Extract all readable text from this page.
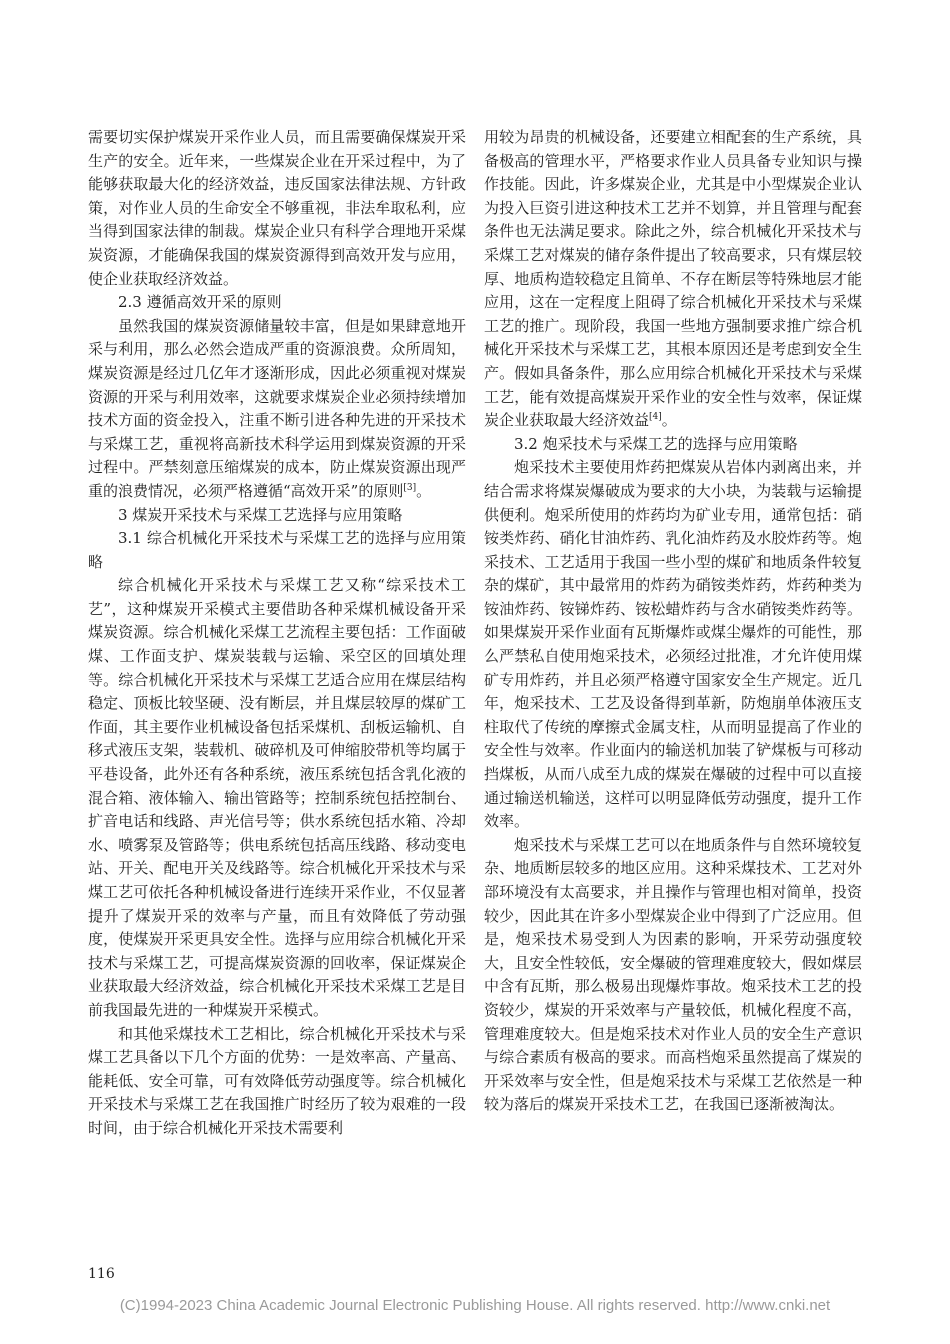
需要切实保护煤炭开采作业人员，而且需要确保煤炭开采生产的安全。近年来，一些煤炭企业在开采过程中，为了能够获取最大化的经济效益，违反国家法律法规、方针政策，对作业人员的生命安全不够重视，非法牟取私利，应当得到国家法律的制裁。煤炭企业只有科学合理地开采煤炭资源，才能确保我国的煤炭资源得到高效开发与应用，使企业获取经济效益。

2.3 遵循高效开采的原则

虽然我国的煤炭资源储量较丰富，但是如果肆意地开采与利用，那么必然会造成严重的资源浪费。众所周知，煤炭资源是经过几亿年才逐渐形成，因此必须重视对煤炭资源的开采与利用效率，这就要求煤炭企业必须持续增加技术方面的资金投入，注重不断引进各种先进的开采技术与采煤工艺，重视将高新技术科学运用到煤炭资源的开采过程中。严禁刻意压缩煤炭的成本，防止煤炭资源出现严重的浪费情况，必须严格遵循“高效开采”的原则[3]。

3 煤炭开采技术与采煤工艺选择与应用策略

3.1 综合机械化开采技术与采煤工艺的选择与应用策略

综合机械化开采技术与采煤工艺又称“综采技术工艺”，这种煤炭开采模式主要借助各种采煤机械设备开采煤炭资源。综合机械化采煤工艺流程主要包括：工作面破煤、工作面支护、煤炭装载与运输、采空区的回填处理等。综合机械化开采技术与采煤工艺适合应用在煤层结构稳定、顶板比较坚硬、没有断层，并且煤层较厚的煤矿工作面，其主要作业机械设备包括采煤机、刮板运输机、自移式液压支架，装载机、破碎机及可伸缩胶带机等均属于平巷设备，此外还有各种系统，液压系统包括含乳化液的混合箱、液体输入、输出管路等；控制系统包括控制台、扩音电话和线路、声光信号等；供水系统包括水箱、冷却水、喷雾泵及管路等；供电系统包括高压线路、移动变电站、开关、配电开关及线路等。综合机械化开采技术与采煤工艺可依托各种机械设备进行连续开采作业，不仅显著提升了煤炭开采的效率与产量，而且有效降低了劳动强度，使煤炭开采更具安全性。选择与应用综合机械化开采技术与采煤工艺，可提高煤炭资源的回收率，保证煤炭企业获取最大经济效益，综合机械化开采技术采煤工艺是目前我国最先进的一种煤炭开采模式。

和其他采煤技术工艺相比，综合机械化开采技术与采煤工艺具备以下几个方面的优势：一是效率高、产量高、能耗低、安全可靠，可有效降低劳动强度等。综合机械化开采技术与采煤工艺在我国推广时经历了较为艰难的一段时间，由于综合机械化开采技术需要利

用较为昂贵的机械设备，还要建立相配套的生产系统，具备极高的管理水平，严格要求作业人员具备专业知识与操作技能。因此，许多煤炭企业，尤其是中小型煤炭企业认为投入巨资引进这种技术工艺并不划算，并且管理与配套条件也无法满足要求。除此之外，综合机械化开采技术与采煤工艺对煤炭的储存条件提出了较高要求，只有煤层较厚、地质构造较稳定且简单、不存在断层等特殊地层才能应用，这在一定程度上阻碍了综合机械化开采技术与采煤工艺的推广。现阶段，我国一些地方强制要求推广综合机械化开采技术与采煤工艺，其根本原因还是考虑到安全生产。假如具备条件，那么应用综合机械化开采技术与采煤工艺，能有效提高煤炭开采作业的安全性与效率，保证煤炭企业获取最大经济效益[4]。

3.2 炮采技术与采煤工艺的选择与应用策略

炮采技术主要使用炸药把煤炭从岩体内剥离出来，并结合需求将煤炭爆破成为要求的大小块，为装载与运输提供便利。炮采所使用的炸药均为矿业专用，通常包括：硝铵类炸药、硝化甘油炸药、乳化油炸药及水胶炸药等。炮采技术、工艺适用于我国一些小型的煤矿和地质条件较复杂的煤矿，其中最常用的炸药为硝铵类炸药，炸药种类为铵油炸药、铵锑炸药、铵松蜡炸药与含水硝铵类炸药等。如果煤炭开采作业面有瓦斯爆炸或煤尘爆炸的可能性，那么严禁私自使用炮采技术，必须经过批准，才允许使用煤矿专用炸药，并且必须严格遵守国家安全生产规定。近几年，炮采技术、工艺及设备得到革新，防炮崩单体液压支柱取代了传统的摩擦式金属支柱，从而明显提高了作业的安全性与效率。作业面内的输送机加装了铲煤板与可移动挡煤板，从而八成至九成的煤炭在爆破的过程中可以直接通过输送机输送，这样可以明显降低劳动强度，提升工作效率。

炮采技术与采煤工艺可以在地质条件与自然环境较复杂、地质断层较多的地区应用。这种采煤技术、工艺对外部环境没有太高要求，并且操作与管理也相对简单，投资较少，因此其在许多小型煤炭企业中得到了广泛应用。但是，炮采技术易受到人为因素的影响，开采劳动强度较大，且安全性较低，安全爆破的管理难度较大，假如煤层中含有瓦斯，那么极易出现爆炸事故。炮采技术工艺的投资较少，煤炭的开采效率与产量较低，机械化程度不高，管理难度较大。但是炮采技术对作业人员的安全生产意识与综合素质有极高的要求。而高档炮采虽然提高了煤炭的开采效率与安全性，但是炮采技术与采煤工艺依然是一种较为落后的煤炭开采技术工艺，在我国已逐渐被淘汰。

116
(C)1994-2023 China Academic Journal Electronic Publishing House. All rights reserved. http://www.cnki.net
